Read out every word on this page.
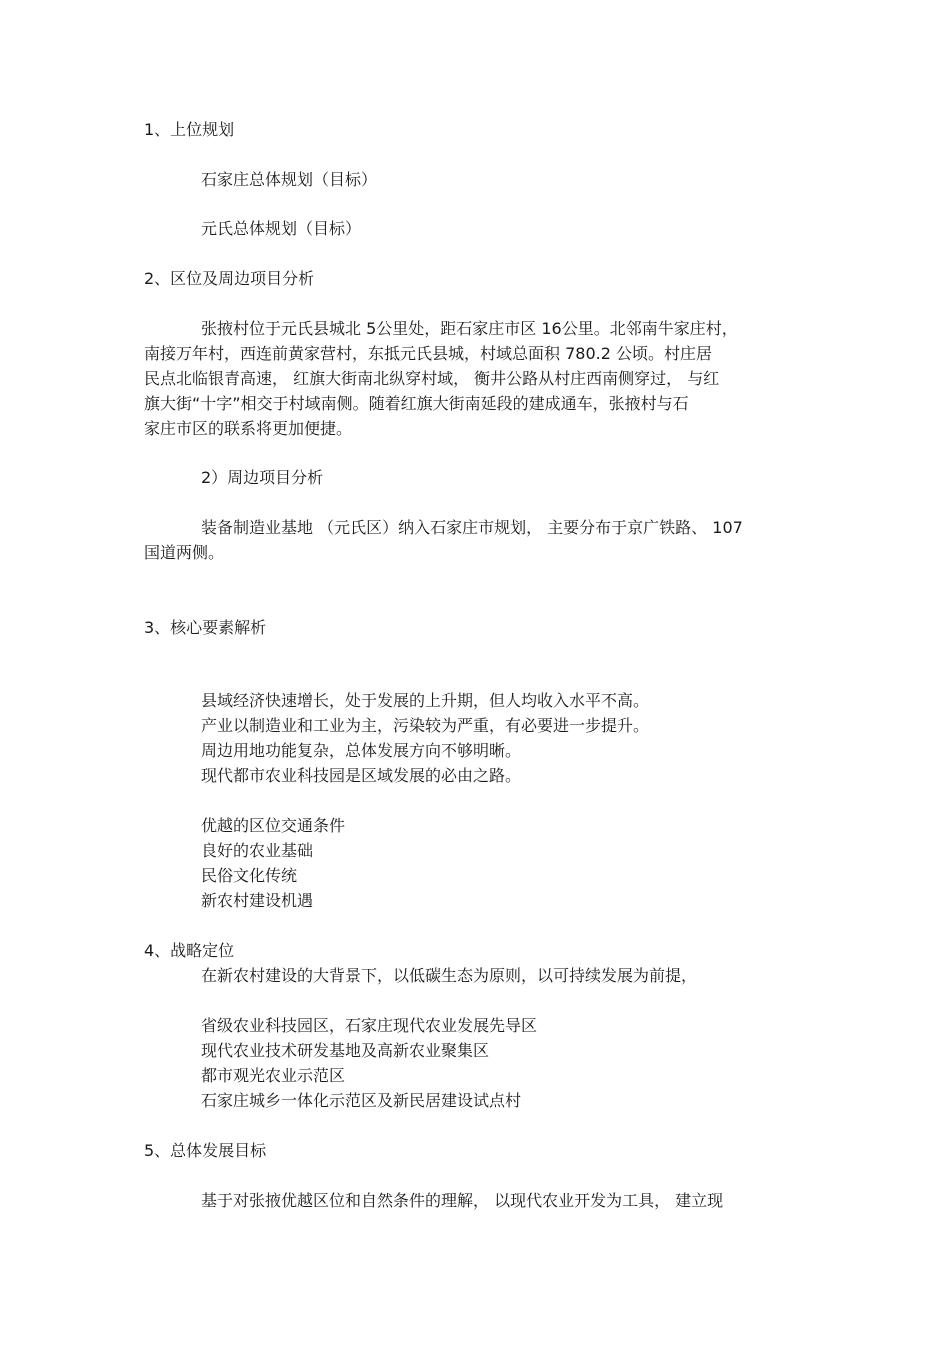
1、上位规划
石家庄总体规划（目标）
元氏总体规划（目标）
2、区位及周边项目分析
张掖村位于元氏县城北 5公里处，距石家庄市区 16公里。北邻南牛家庄村，
南接万年村，西连前黄家营村，东抵元氏县城，村域总面积 780.2 公顷。村庄居
民点北临银青高速， 红旗大街南北纵穿村域， 衡井公路从村庄西南侧穿过， 与红
旗大街“十字”相交于村域南侧。随着红旗大街南延段的建成通车，张掖村与石
家庄市区的联系将更加便捷。
2）周边项目分析
装备制造业基地 （元氏区）纳入石家庄市规划， 主要分布于京广铁路、 107
国道两侧。
3、核心要素解析
县域经济快速增长，处于发展的上升期，但人均收入水平不高。
产业以制造业和工业为主，污染较为严重，有必要进一步提升。
周边用地功能复杂，总体发展方向不够明晰。
现代都市农业科技园是区域发展的必由之路。
优越的区位交通条件
良好的农业基础
民俗文化传统
新农村建设机遇
4、战略定位
在新农村建设的大背景下，以低碳生态为原则，以可持续发展为前提，
省级农业科技园区，石家庄现代农业发展先导区
现代农业技术研发基地及高新农业聚集区
都市观光农业示范区
石家庄城乡一体化示范区及新民居建设试点村
5、总体发展目标
基于对张掖优越区位和自然条件的理解， 以现代农业开发为工具， 建立现
